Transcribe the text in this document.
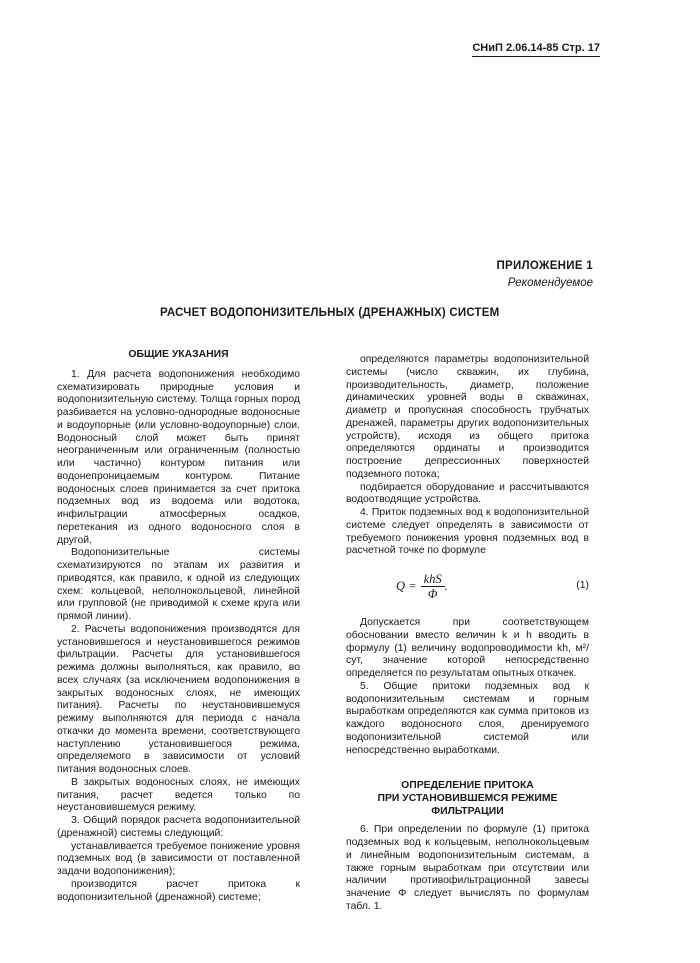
СНиП 2.06.14-85 Стр. 17
ПРИЛОЖЕНИЕ 1
Рекомендуемое
РАСЧЕТ ВОДОПОНИЗИТЕЛЬНЫХ (ДРЕНАЖНЫХ) СИСТЕМ
ОБЩИЕ УКАЗАНИЯ

1. Для расчета водопонижения необходимо схематизировать природные условия и водопонизительную систему. Толща горных пород разбивается на условно-однородные водоносные и водоупорные (или условно-водоупорные) слои. Водоносный слой может быть принят неограниченным или ограниченным (полностью или частично) контуром питания или водонепроницаемым контуром. Питание водоносных слоев принимается за счет притока подземных вод из водоема или водотока, инфильтрации атмосферных осадков, перетекания из одного водоносного слоя в другой.

Водопонизительные системы схематизируются по этапам их развития и приводятся, как правило, к одной из следующих схем: кольцевой, неполнокольцевой, линейной или групповой (не приводимой к схеме круга или прямой линии).

2. Расчеты водопонижения производятся для установившегося и неустановившегося режимов фильтрации. Расчеты для установившегося режима должны выполняться, как правило, во всех случаях (за исключением водопонижения в закрытых водоносных слоях, не имеющих питания). Расчеты по неустановившемуся режиму выполняются для периода с начала откачки до момента времени, соответствующего наступлению установившегося режима, определяемого в зависимости от условий питания водоносных слоев.

В закрытых водоносных слоях, не имеющих питания, расчет ведется только по неустановившемуся режиму.

3. Общий порядок расчета водопонизительной (дренажной) системы следующий:

устанавливается требуемое понижение уровня подземных вод (в зависимости от поставленной задачи водопонижения);

производится расчет притока к водопонизительной (дренажной) системе;

определяются параметры водопонизительной системы (число скважин, их глубина, производительность, диаметр, положение динамических уровней воды в скважинах, диаметр и пропускная способность трубчатых дренажей, параметры других водопонизительных устройств), исходя из общего притока определяются ординаты и производится построение депрессионных поверхностей подземного потока;

подбирается оборудование и рассчитываются водоотводящие устройства.

4. Приток подземных вод к водопонизительной системе следует определять в зависимости от требуемого понижения уровня подземных вод в расчетной точке по формуле

$Q = \frac{\text{khS}}{\Phi}$ .	(1)

Допускается при соответствующем обосновании вместо величин k и h вводить в формулу (1) величину водопроводимости kh, м²/сут, значение которой непосредственно определяется по результатам опытных откачек.

5. Общие притоки подземных вод к водопонизительным системам и горным выработкам определяются как сумма притоков из каждого водоносного слоя, дренируемого водопонизительной системой или непосредственно выработками.

ОПРЕДЕЛЕНИЕ ПРИТОКА
ПРИ УСТАНОВИВШЕМСЯ РЕЖИМЕ ФИЛЬТРАЦИИ

6. При определении по формуле (1) притока подземных вод к кольцевым, неполнокольцевым и линейным водопонизительным системам, а также горным выработкам при отсутствии или наличии противофильтрационной завесы значение Φ следует вычислять по формулам табл. 1.
